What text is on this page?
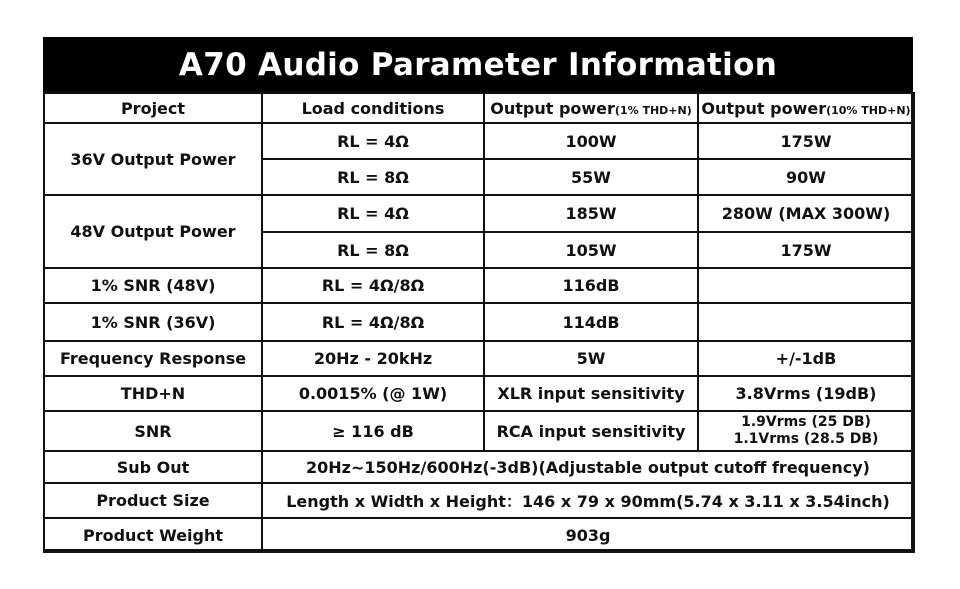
A70 Audio Parameter Information
Project	Load conditions	Output power(1% THD+N)	Output power(10% THD+N)
36V Output Power	RL = 4Ω	100W	175W
	RL = 8Ω	55W	90W
48V Output Power	RL = 4Ω	185W	280W (MAX 300W)
	RL = 8Ω	105W	175W
1% SNR (48V)	RL = 4Ω/8Ω	116dB	
1% SNR (36V)	RL = 4Ω/8Ω	114dB	
Frequency Response	20Hz - 20kHz	5W	+/-1dB
THD+N	0.0015% (@ 1W)	XLR input sensitivity	3.8Vrms (19dB)
SNR	≥ 116 dB	RCA input sensitivity	1.9Vrms (25 DB)
1.1Vrms (28.5 DB)

Sub Out	20Hz~150Hz/600Hz(-3dB)(Adjustable output cutoff frequency)		
Product Size	Length x Width x Height：146 x 79 x 90mm(5.74 x 3.11 x 3.54inch)		
Product Weight	903g		
